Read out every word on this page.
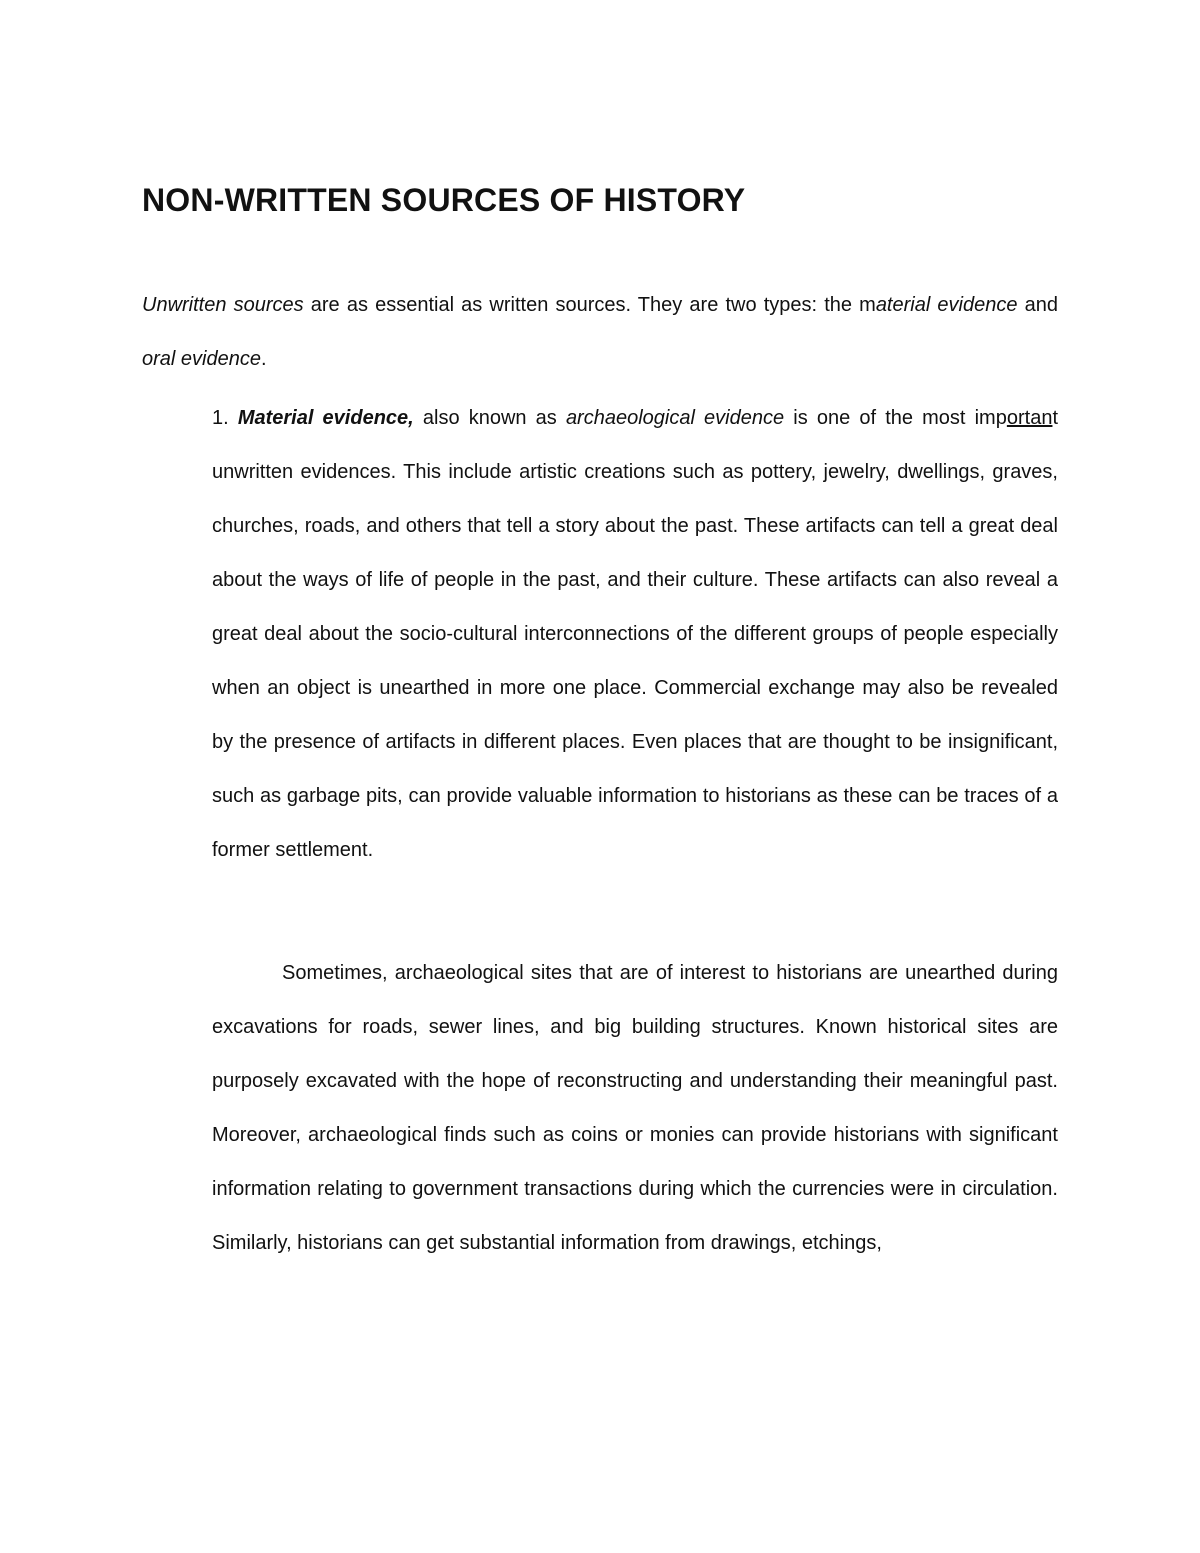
NON-WRITTEN SOURCES OF HISTORY

Unwritten sources are as essential as written sources. They are two types: the material evidence and oral evidence.

1. Material evidence, also known as archaeological evidence is one of the most important unwritten evidences. This include artistic creations such as pottery, jewelry, dwellings, graves, churches, roads, and others that tell a story about the past. These artifacts can tell a great deal about the ways of life of people in the past, and their culture. These artifacts can also reveal a great deal about the socio-cultural interconnections of the different groups of people especially when an object is unearthed in more one place. Commercial exchange may also be revealed by the presence of artifacts in different places. Even places that are thought to be insignificant, such as garbage pits, can provide valuable information to historians as these can be traces of a former settlement.

Sometimes, archaeological sites that are of interest to historians are unearthed during excavations for roads, sewer lines, and big building structures. Known historical sites are purposely excavated with the hope of reconstructing and understanding their meaningful past. Moreover, archaeological finds such as coins or monies can provide historians with significant information relating to government transactions during which the currencies were in circulation. Similarly, historians can get substantial information from drawings, etchings,
